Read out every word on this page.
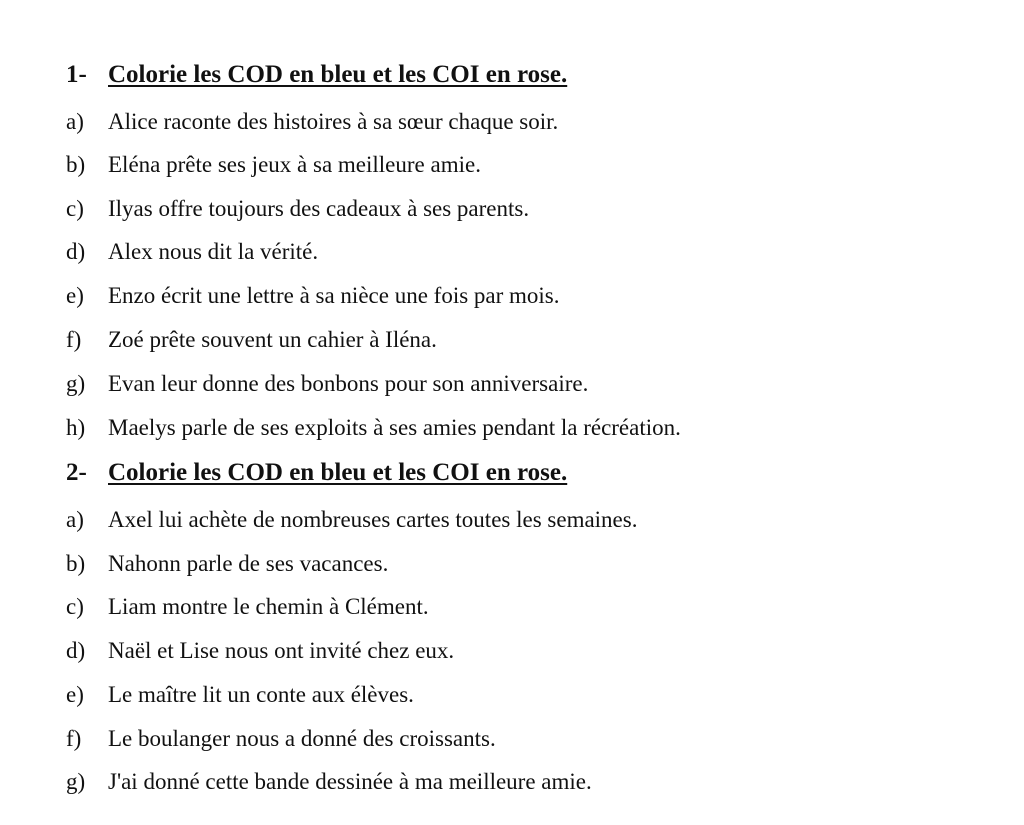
1- Colorie les COD en bleu et les COI en rose.
a) Alice raconte des histoires à sa sœur chaque soir.
b) Eléna prête ses jeux à sa meilleure amie.
c) Ilyas offre toujours des cadeaux à ses parents.
d) Alex nous dit la vérité.
e) Enzo écrit une lettre à sa nièce une fois par mois.
f) Zoé prête souvent un cahier à Iléna.
g) Evan leur donne des bonbons pour son anniversaire.
h) Maelys parle de ses exploits à ses amies pendant la récréation.
2- Colorie les COD en bleu et les COI en rose.
a) Axel lui achète de nombreuses cartes toutes les semaines.
b) Nahonn parle de ses vacances.
c) Liam montre le chemin à Clément.
d) Naël et Lise nous ont invité chez eux.
e) Le maître lit un conte aux élèves.
f) Le boulanger nous a donné des croissants.
g) J'ai donné cette bande dessinée à ma meilleure amie.
